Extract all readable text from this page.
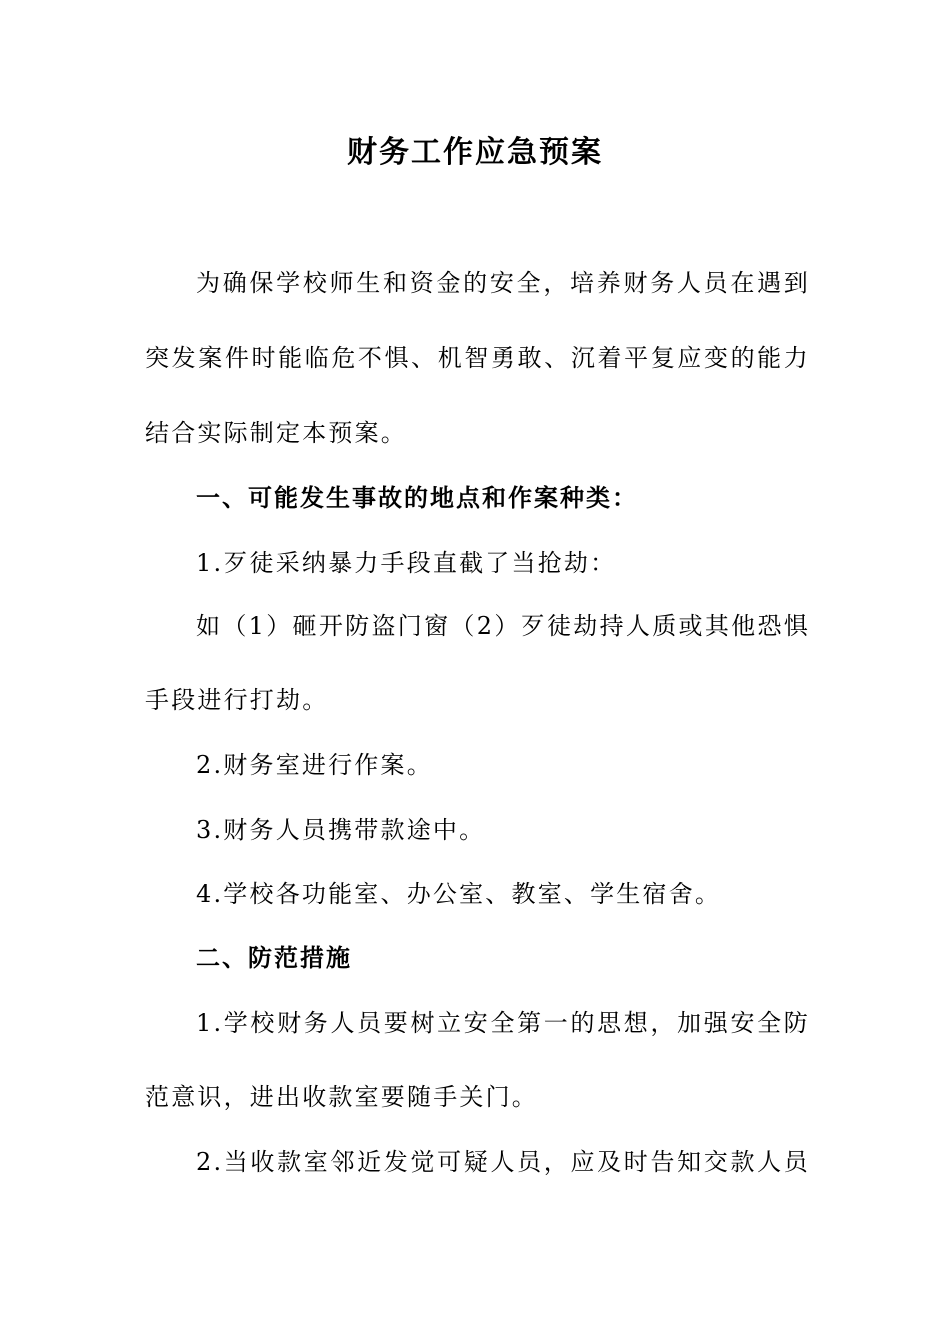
财务工作应急预案
为确保学校师生和资金的安全，培养财务人员在遇到
突发案件时能临危不惧、机智勇敢、沉着平复应变的能力
结合实际制定本预案。
一、可能发生事故的地点和作案种类：
1.歹徒采纳暴力手段直截了当抢劫：
如（1）砸开防盗门窗（2）歹徒劫持人质或其他恐惧
手段进行打劫。
2.财务室进行作案。
3.财务人员携带款途中。
4.学校各功能室、办公室、教室、学生宿舍。
二、防范措施
1.学校财务人员要树立安全第一的思想，加强安全防
范意识，进出收款室要随手关门。
2.当收款室邻近发觉可疑人员，应及时告知交款人员
